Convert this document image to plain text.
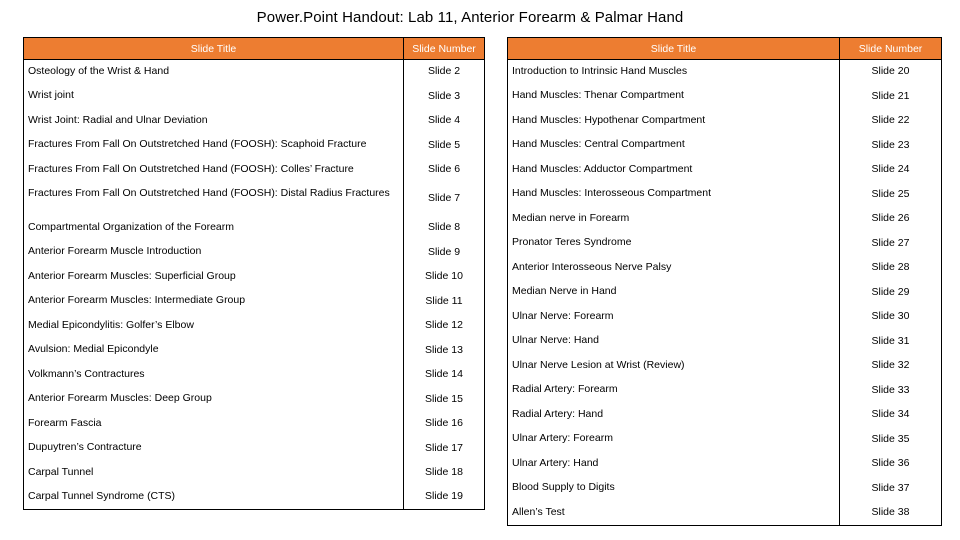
Power.Point Handout: Lab 11, Anterior Forearm & Palmar Hand
Slide Title	Slide Number

Osteology of the Wrist & Hand	Slide 2

Wrist joint	Slide 3

Wrist Joint: Radial and Ulnar Deviation	Slide 4

Fractures From Fall On Outstretched Hand (FOOSH): Scaphoid Fracture	Slide 5

Fractures From Fall On Outstretched Hand (FOOSH): Colles’ Fracture	Slide 6

Fractures From Fall On Outstretched Hand (FOOSH): Distal Radius Fractures	Slide 7

Compartmental Organization of the Forearm	Slide 8

Anterior Forearm Muscle Introduction	Slide 9

Anterior Forearm Muscles: Superficial Group	Slide 10

Anterior Forearm Muscles: Intermediate Group	Slide 11

Medial Epicondylitis: Golfer’s Elbow	Slide 12

Avulsion: Medial Epicondyle	Slide 13

Volkmann’s Contractures	Slide 14

Anterior Forearm Muscles: Deep Group	Slide 15

Forearm Fascia	Slide 16

Dupuytren’s Contracture	Slide 17

Carpal Tunnel	Slide 18

Carpal Tunnel Syndrome (CTS)	Slide 19
Slide Title	Slide Number

Introduction to Intrinsic Hand Muscles	Slide 20

Hand Muscles: Thenar Compartment	Slide 21

Hand Muscles: Hypothenar Compartment	Slide 22

Hand Muscles: Central Compartment	Slide 23

Hand Muscles: Adductor Compartment	Slide 24

Hand Muscles: Interosseous Compartment	Slide 25

Median nerve in Forearm	Slide 26

Pronator Teres Syndrome	Slide 27

Anterior Interosseous Nerve Palsy	Slide 28

Median Nerve in Hand	Slide 29

Ulnar Nerve: Forearm	Slide 30

Ulnar Nerve: Hand	Slide 31

Ulnar Nerve Lesion at Wrist (Review)	Slide 32

Radial Artery: Forearm	Slide 33

Radial Artery: Hand	Slide 34

Ulnar Artery: Forearm	Slide 35

Ulnar Artery: Hand	Slide 36

Blood Supply to Digits	Slide 37

Allen’s Test	Slide 38
